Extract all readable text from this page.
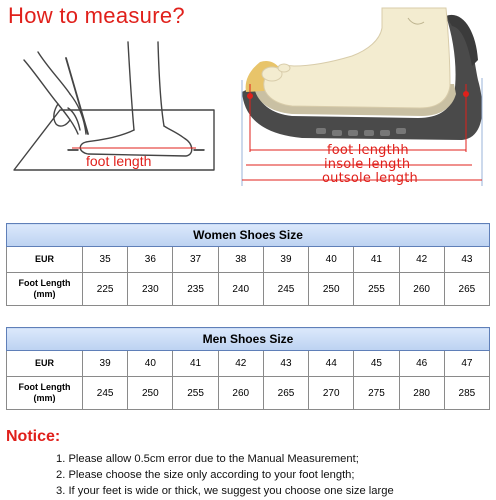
How to measure?
foot length
foot lengthh
insole length
outsole length
Women Shoes Size									
EUR	35	36	37	38	39	40	41	42	43

Foot Length
(mm)	225	230	235	240	245	250	255	260	265
Men Shoes Size									
EUR	39	40	41	42	43	44	45	46	47

Foot Length
(mm)	245	250	255	260	265	270	275	280	285
Notice:
1. Please allow 0.5cm error due to the Manual Measurement;
2. Please choose the size only according to your foot length;
3. If your feet is wide or thick, we suggest you choose one size large
